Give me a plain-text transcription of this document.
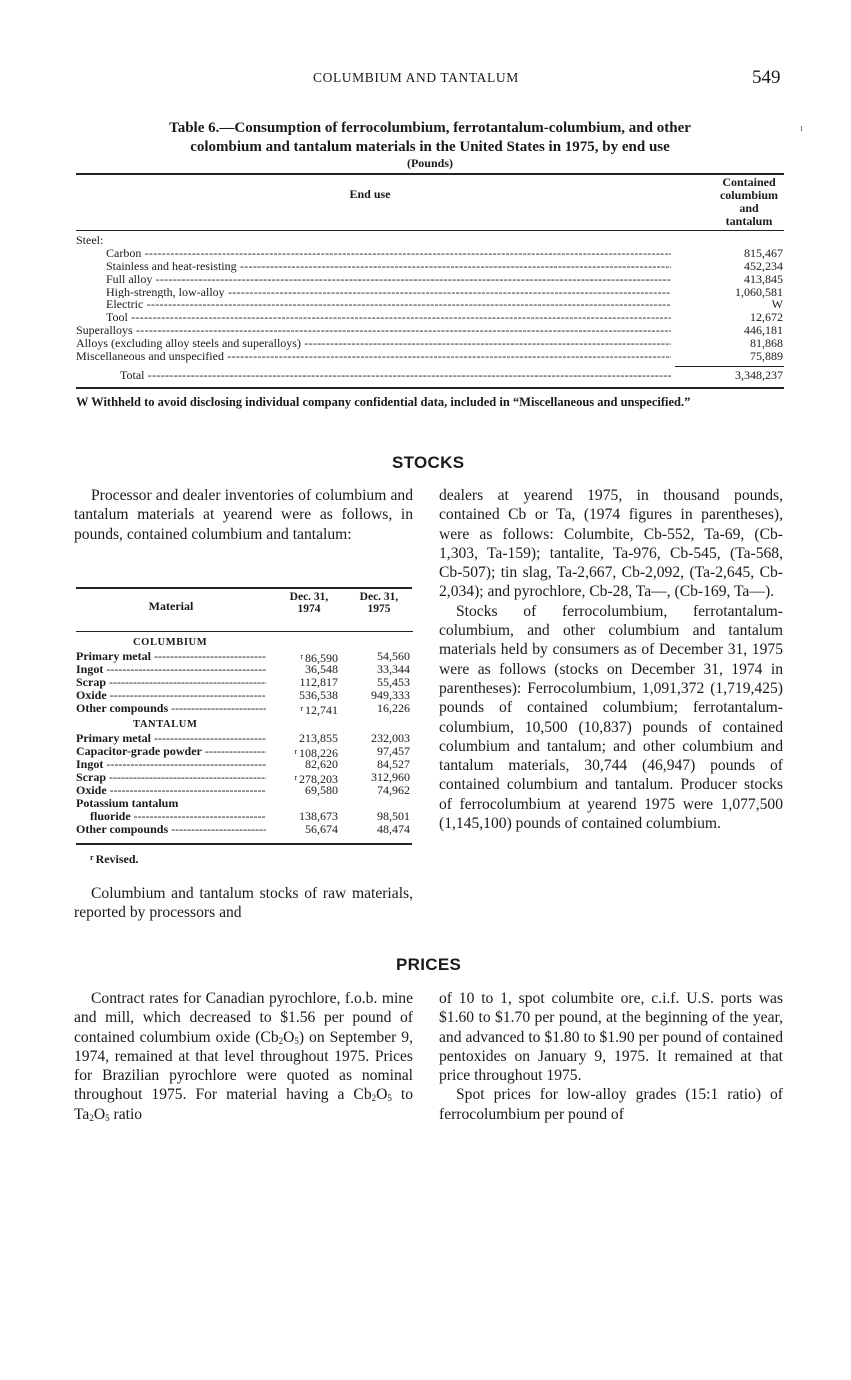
COLUMBIUM AND TANTALUM	549
ı
Table 6.—Consumption of ferrocolumbium, ferrotantalum-columbium, and other
colombium and tantalum materials in the United States in 1975, by end use
(Pounds)
End use
Contained
columbium
and
tantalum
Steel:
Carbon -----	815,467
Stainless and heat-resisting -----	452,234
Full alloy -----	413,845
High-strength, low-alloy -----	1,060,581
Electric -----	W
Tool -----	12,672
Superalloys -----	446,181
Alloys (excluding alloy steels and superalloys) -----	81,868
Miscellaneous and unspecified -----	75,889
Total -----	3,348,237
W Withheld to avoid disclosing individual company confidential data, included in “Miscellaneous and unspecified.”
STOCKS
Processor and dealer inventories of columbium and tantalum materials at yearend were as follows, in pounds, contained columbium and tantalum:
Material
Dec. 31,
1974
Dec. 31,
1975
COLUMBIUM
Primary metal -----	$^r$ 86,590	54,560
Ingot -----	36,548	33,344
Scrap -----	112,817	55,453
Oxide -----	536,538	949,333
Other compounds -----	$^r$ 12,741	16,226
TANTALUM
Primary metal -----	213,855	232,003
Capacitor-grade powder -----	$^r$ 108,226	97,457
Ingot -----	82,620	84,527
Scrap -----	$^r$ 278,203	312,960
Oxide -----	69,580	74,962
Potassium tantalum
fluoride -----	138,673	98,501
Other compounds -----	56,674	48,474
$^r$ Revised.
Columbium and tantalum stocks of raw materials, reported by processors and

dealers at yearend 1975, in thousand pounds, contained Cb or Ta, (1974 figures in parentheses), were as follows: Columbite, Cb-552, Ta-69, (Cb-1,303, Ta-159); tantalite, Ta-976, Cb-545, (Ta-568, Cb-507); tin slag, Ta-2,667, Cb-2,092, (Ta-2,645, Cb-2,034); and pyrochlore, Cb-28, Ta—, (Cb-169, Ta—).

Stocks of ferrocolumbium, ferrotantalum-columbium, and other columbium and tantalum materials held by consumers as of December 31, 1975 were as follows (stocks on December 31, 1974 in parentheses): Ferrocolumbium, 1,091,372 (1,719,425) pounds of contained columbium; ferrotantalum-columbium, 10,500 (10,837) pounds of contained columbium and tantalum; and other columbium and tantalum materials, 30,744 (46,947) pounds of contained columbium and tantalum. Producer stocks of ferrocolumbium at yearend 1975 were 1,077,500 (1,145,100) pounds of contained columbium.

PRICES
Contract rates for Canadian pyrochlore, f.o.b. mine and mill, which decreased to $1.56 per pound of contained columbium oxide $(Cb_2O_5)$ on September 9, 1974, remained at that level throughout 1975. Prices for Brazilian pyrochlore were quoted as nominal throughout 1975. For material having a $Cb_2O_5$ to $Ta_2O_5$ ratio

of 10 to 1, spot columbite ore, c.i.f. U.S. ports was $1.60 to $1.70 per pound, at the beginning of the year, and advanced to $1.80 to $1.90 per pound of contained pentoxides on January 9, 1975. It remained at that price throughout 1975.

Spot prices for low-alloy grades (15:1 ratio) of ferrocolumbium per pound of
